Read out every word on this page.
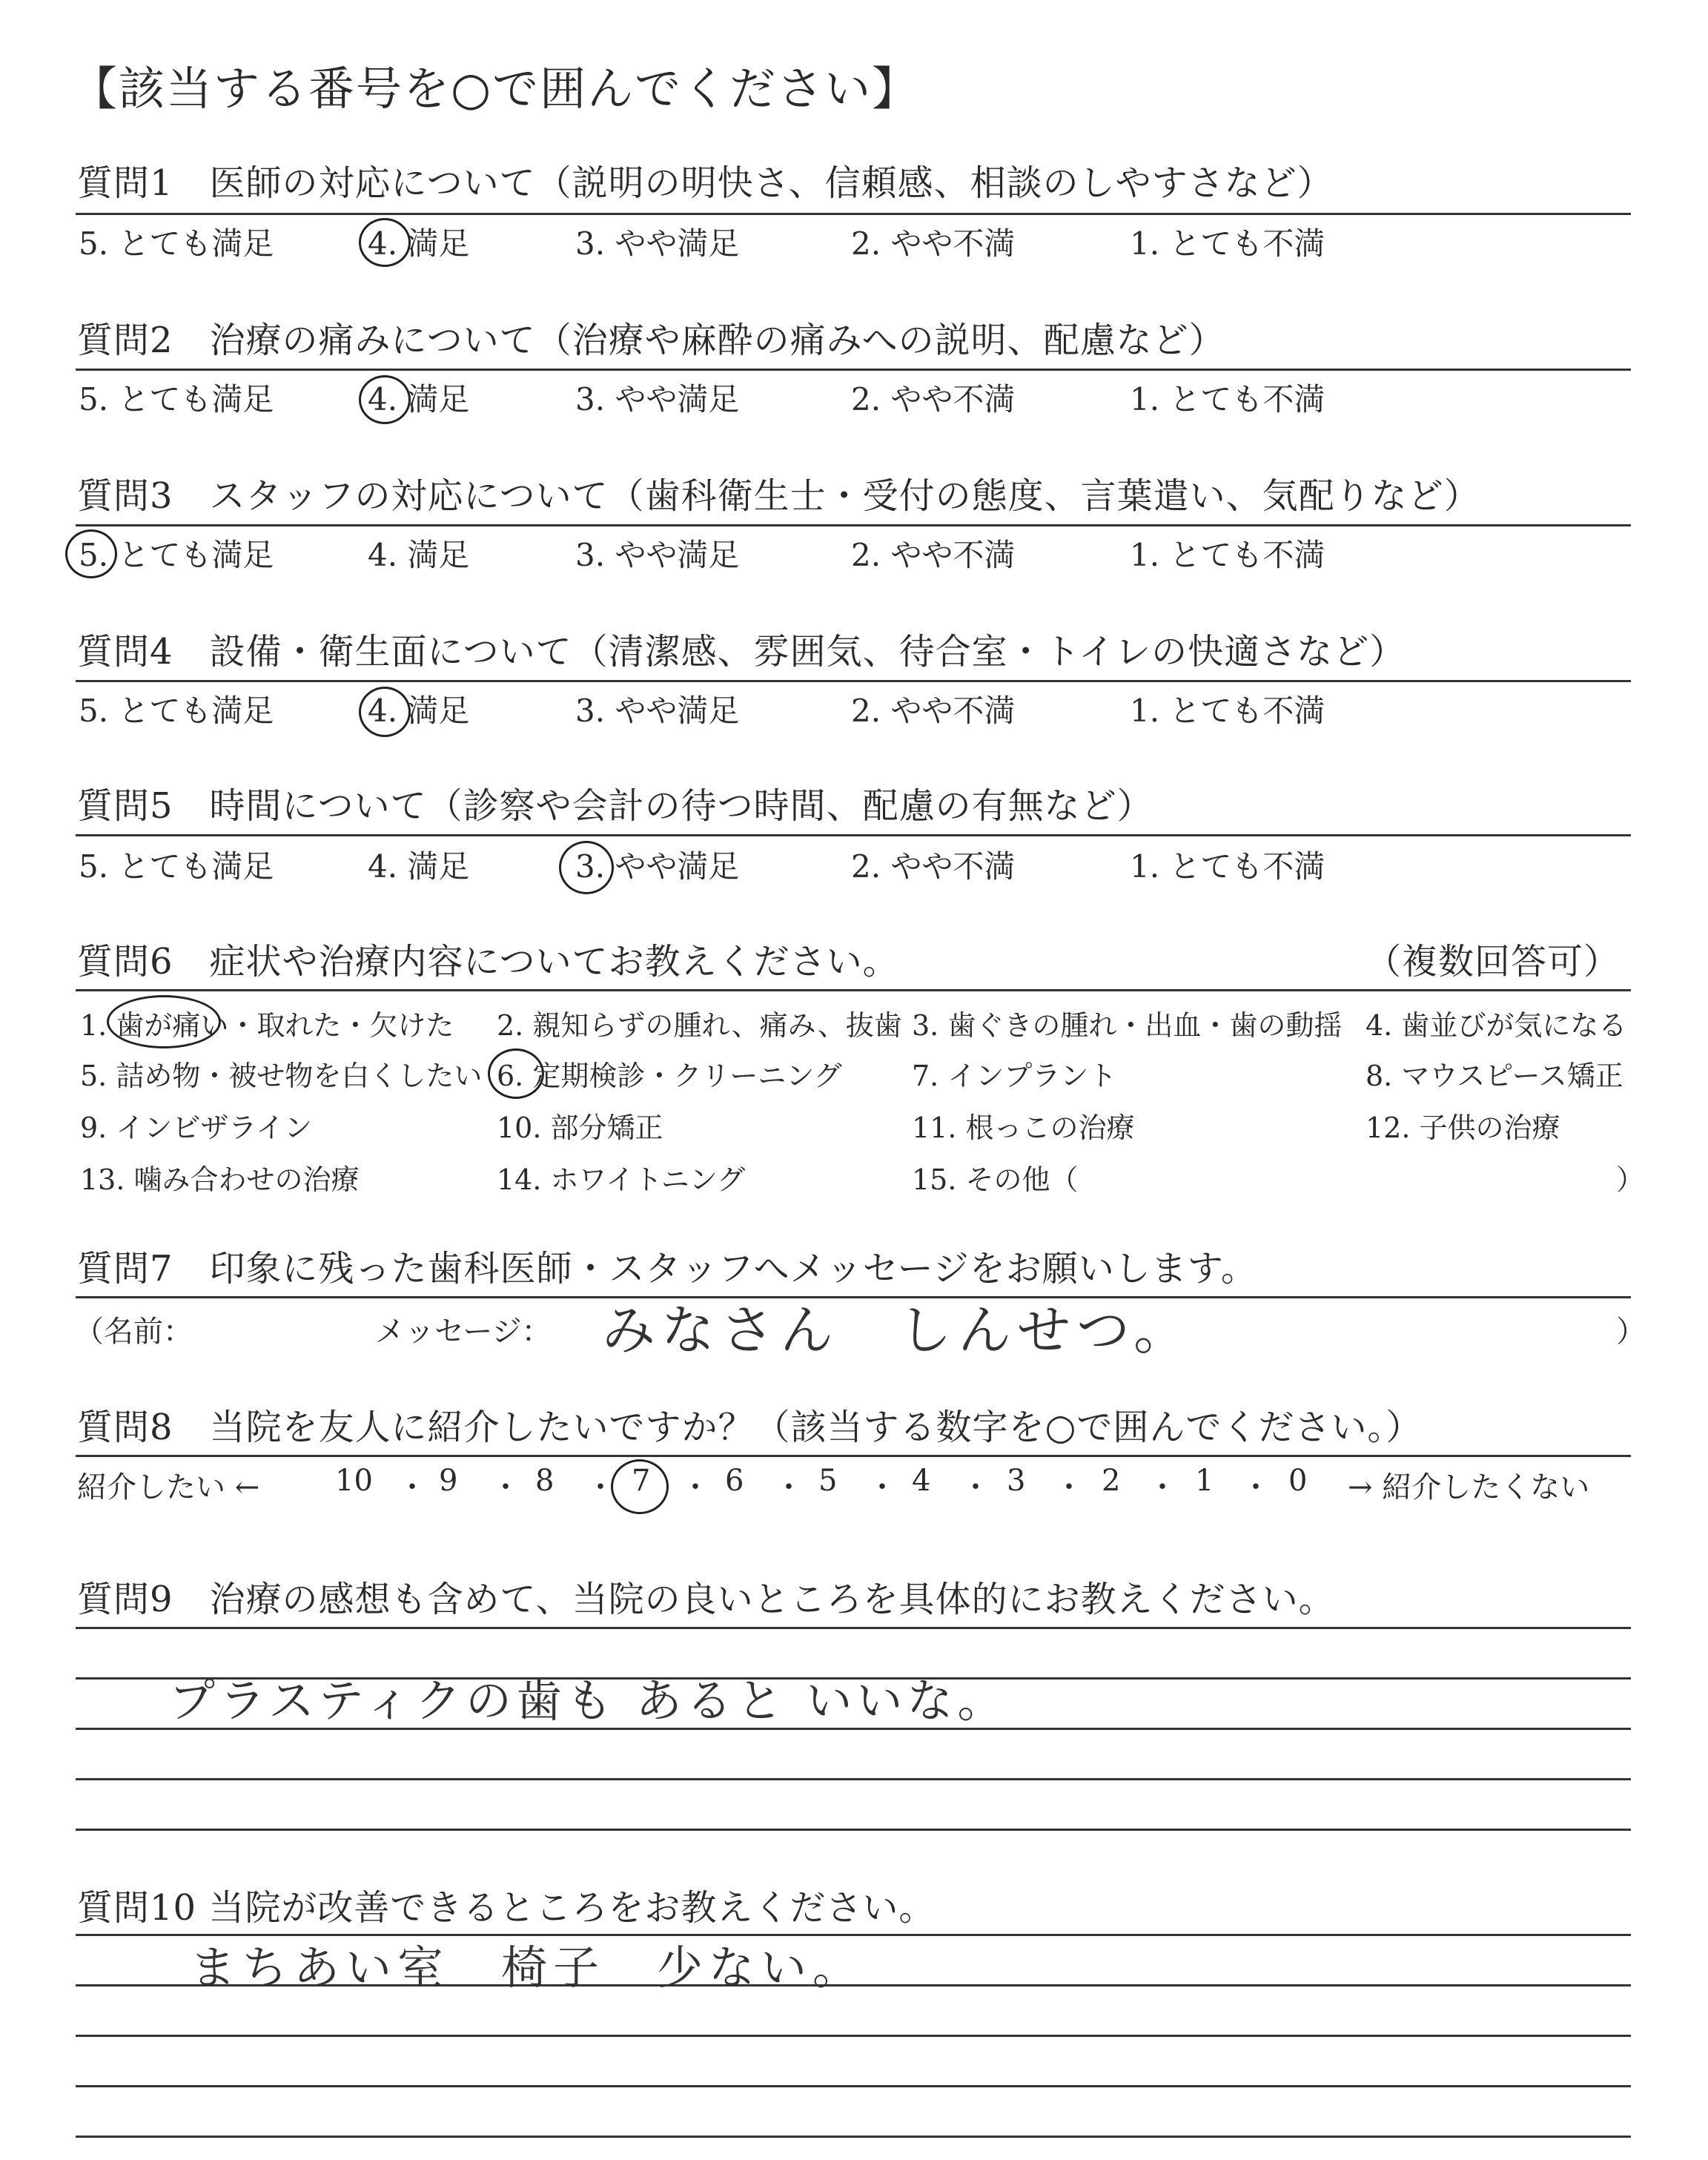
【該当する番号を○で囲んでください】
質問1　医師の対応について（説明の明快さ、信頼感、相談のしやすさなど）
5. とても満足	4. 満足	3. やや満足	2. やや不満	1. とても不満
質問2　治療の痛みについて（治療や麻酔の痛みへの説明、配慮など）
5. とても満足	4. 満足	3. やや満足	2. やや不満	1. とても不満
質問3　スタッフの対応について（歯科衛生士・受付の態度、言葉遣い、気配りなど）
5. とても満足	4. 満足	3. やや満足	2. やや不満	1. とても不満
質問4　設備・衛生面について（清潔感、雰囲気、待合室・トイレの快適さなど）
5. とても満足	4. 満足	3. やや満足	2. やや不満	1. とても不満
質問5　時間について（診察や会計の待つ時間、配慮の有無など）
5. とても満足	4. 満足	3. やや満足	2. やや不満	1. とても不満
質問6　症状や治療内容についてお教えください。	（複数回答可）
1. 歯が痛い・取れた・欠けた 2. 親知らずの腫れ、痛み、抜歯 3. 歯ぐきの腫れ・出血・歯の動揺 4. 歯並びが気になる
5. 詰め物・被せ物を白くしたい 6. 定期検診・クリーニング 7. インプラント	8. マウスピース矯正
9. インビザライン	10. 部分矯正	11. 根っこの治療	12. 子供の治療
13. 噛み合わせの治療	14. ホワイトニング	15. その他（	）
質問7　印象に残った歯科医師・スタッフへメッセージをお願いします。
（名前：	メッセージ： みなさん　しんせつ。	）
質問8　当院を友人に紹介したいですか？（該当する数字を○で囲んでください。）
紹介したい ←	10 ・ 9 ・ 8 ・ 7 ・ 6 ・ 5 ・ 4 ・ 3 ・ 2 ・ 1 ・ 0 → 紹介したくない
質問9　治療の感想も含めて、当院の良いところを具体的にお教えください。
プラスティクの歯も あると いいな。
質問10 当院が改善できるところをお教えください。
まちあい室　椅子　少ない。
